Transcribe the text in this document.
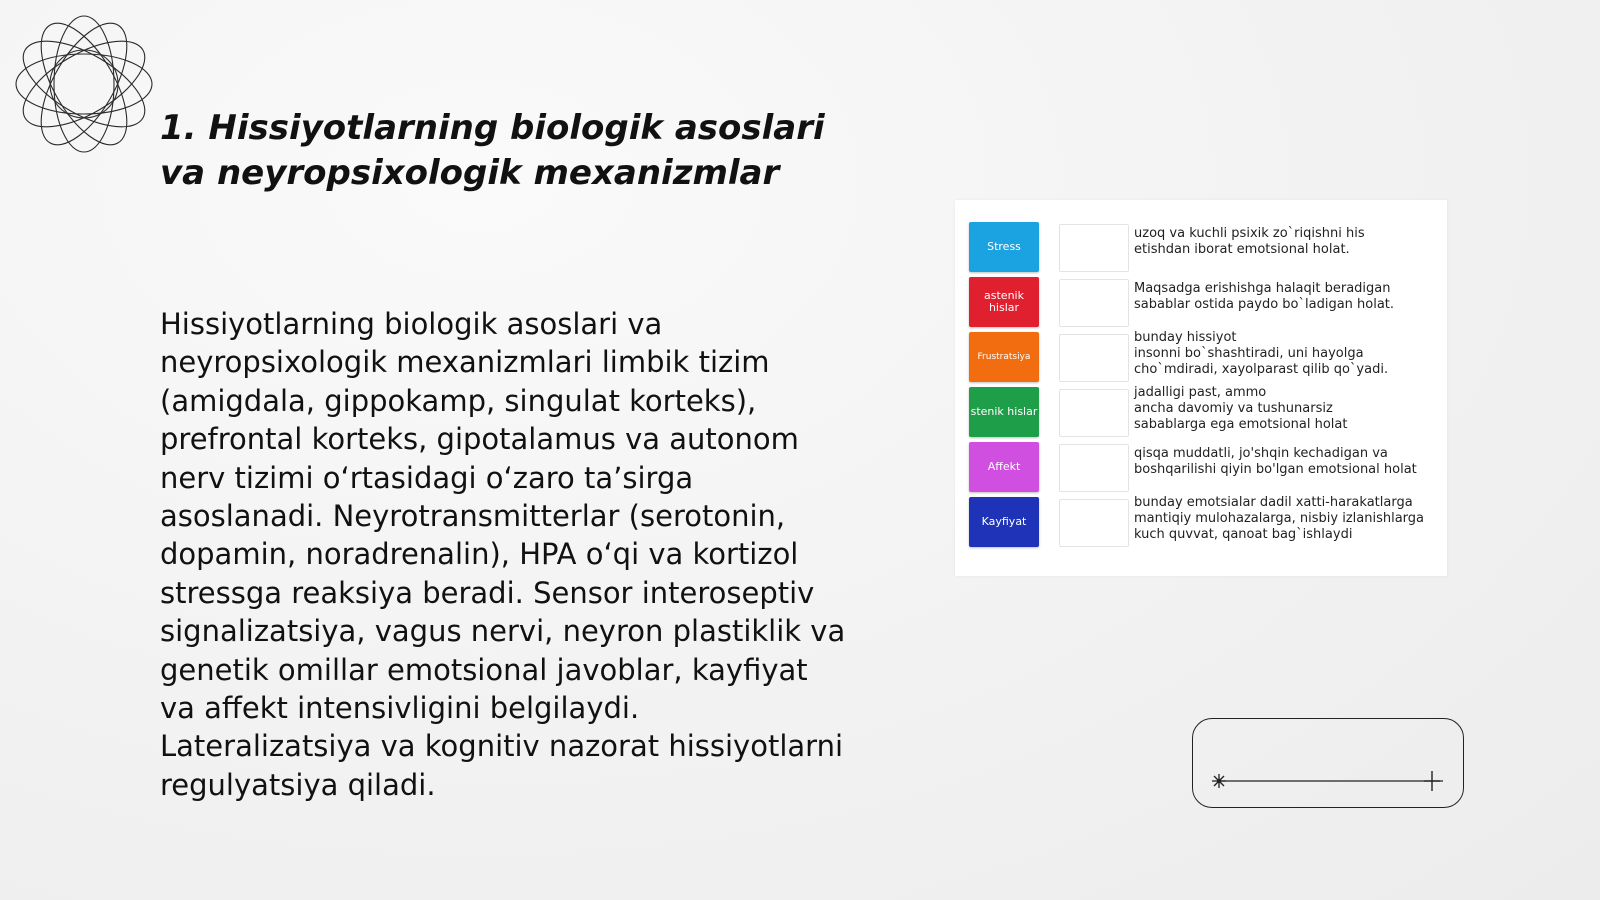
1. Hissiyotlarning biologik asoslari va neyropsixologik mexanizmlar

Hissiyotlarning biologik asoslari va neyropsixologik mexanizmlari limbik tizim (amigdala, gippokamp, singulat korteks), prefrontal korteks, gipotalamus va autonom nerv tizimi o‘rtasidagi o‘zaro ta’sirga asoslanadi. Neyrotransmitterlar (serotonin, dopamin, noradrenalin), HPA o‘qi va kortizol stressga reaksiya beradi. Sensor interoseptiv signalizatsiya, vagus nervi, neyron plastiklik va genetik omillar emotsional javoblar, kayfiyat va affekt intensivligini belgilaydi. Lateralizatsiya va kognitiv nazorat hissiyotlarni regulyatsiya qiladi.

Stress
uzoq va kuchli psixik zo`riqishni his
etishdan iborat emotsional holat.
astenik hislar
Maqsadga erishishga halaqit beradigan
sabablar ostida paydo bo`ladigan holat.
Frustratsiya
bunday hissiyot
insonni bo`shashtiradi, uni hayolga
cho`mdiradi, xayolparast qilib qo`yadi.
stenik hislar
jadalligi past, ammo
ancha davomiy va tushunarsiz
sabablarga ega emotsional holat
Affekt
qisqa muddatli, jo'shqin kechadigan va
boshqarilishi qiyin bo'lgan emotsional holat
Kayfiyat
bunday emotsialar dadil xatti-harakatlarga
mantiqiy mulohazalarga, nisbiy izlanishlarga
kuch quvvat, qanoat bag`ishlaydi
